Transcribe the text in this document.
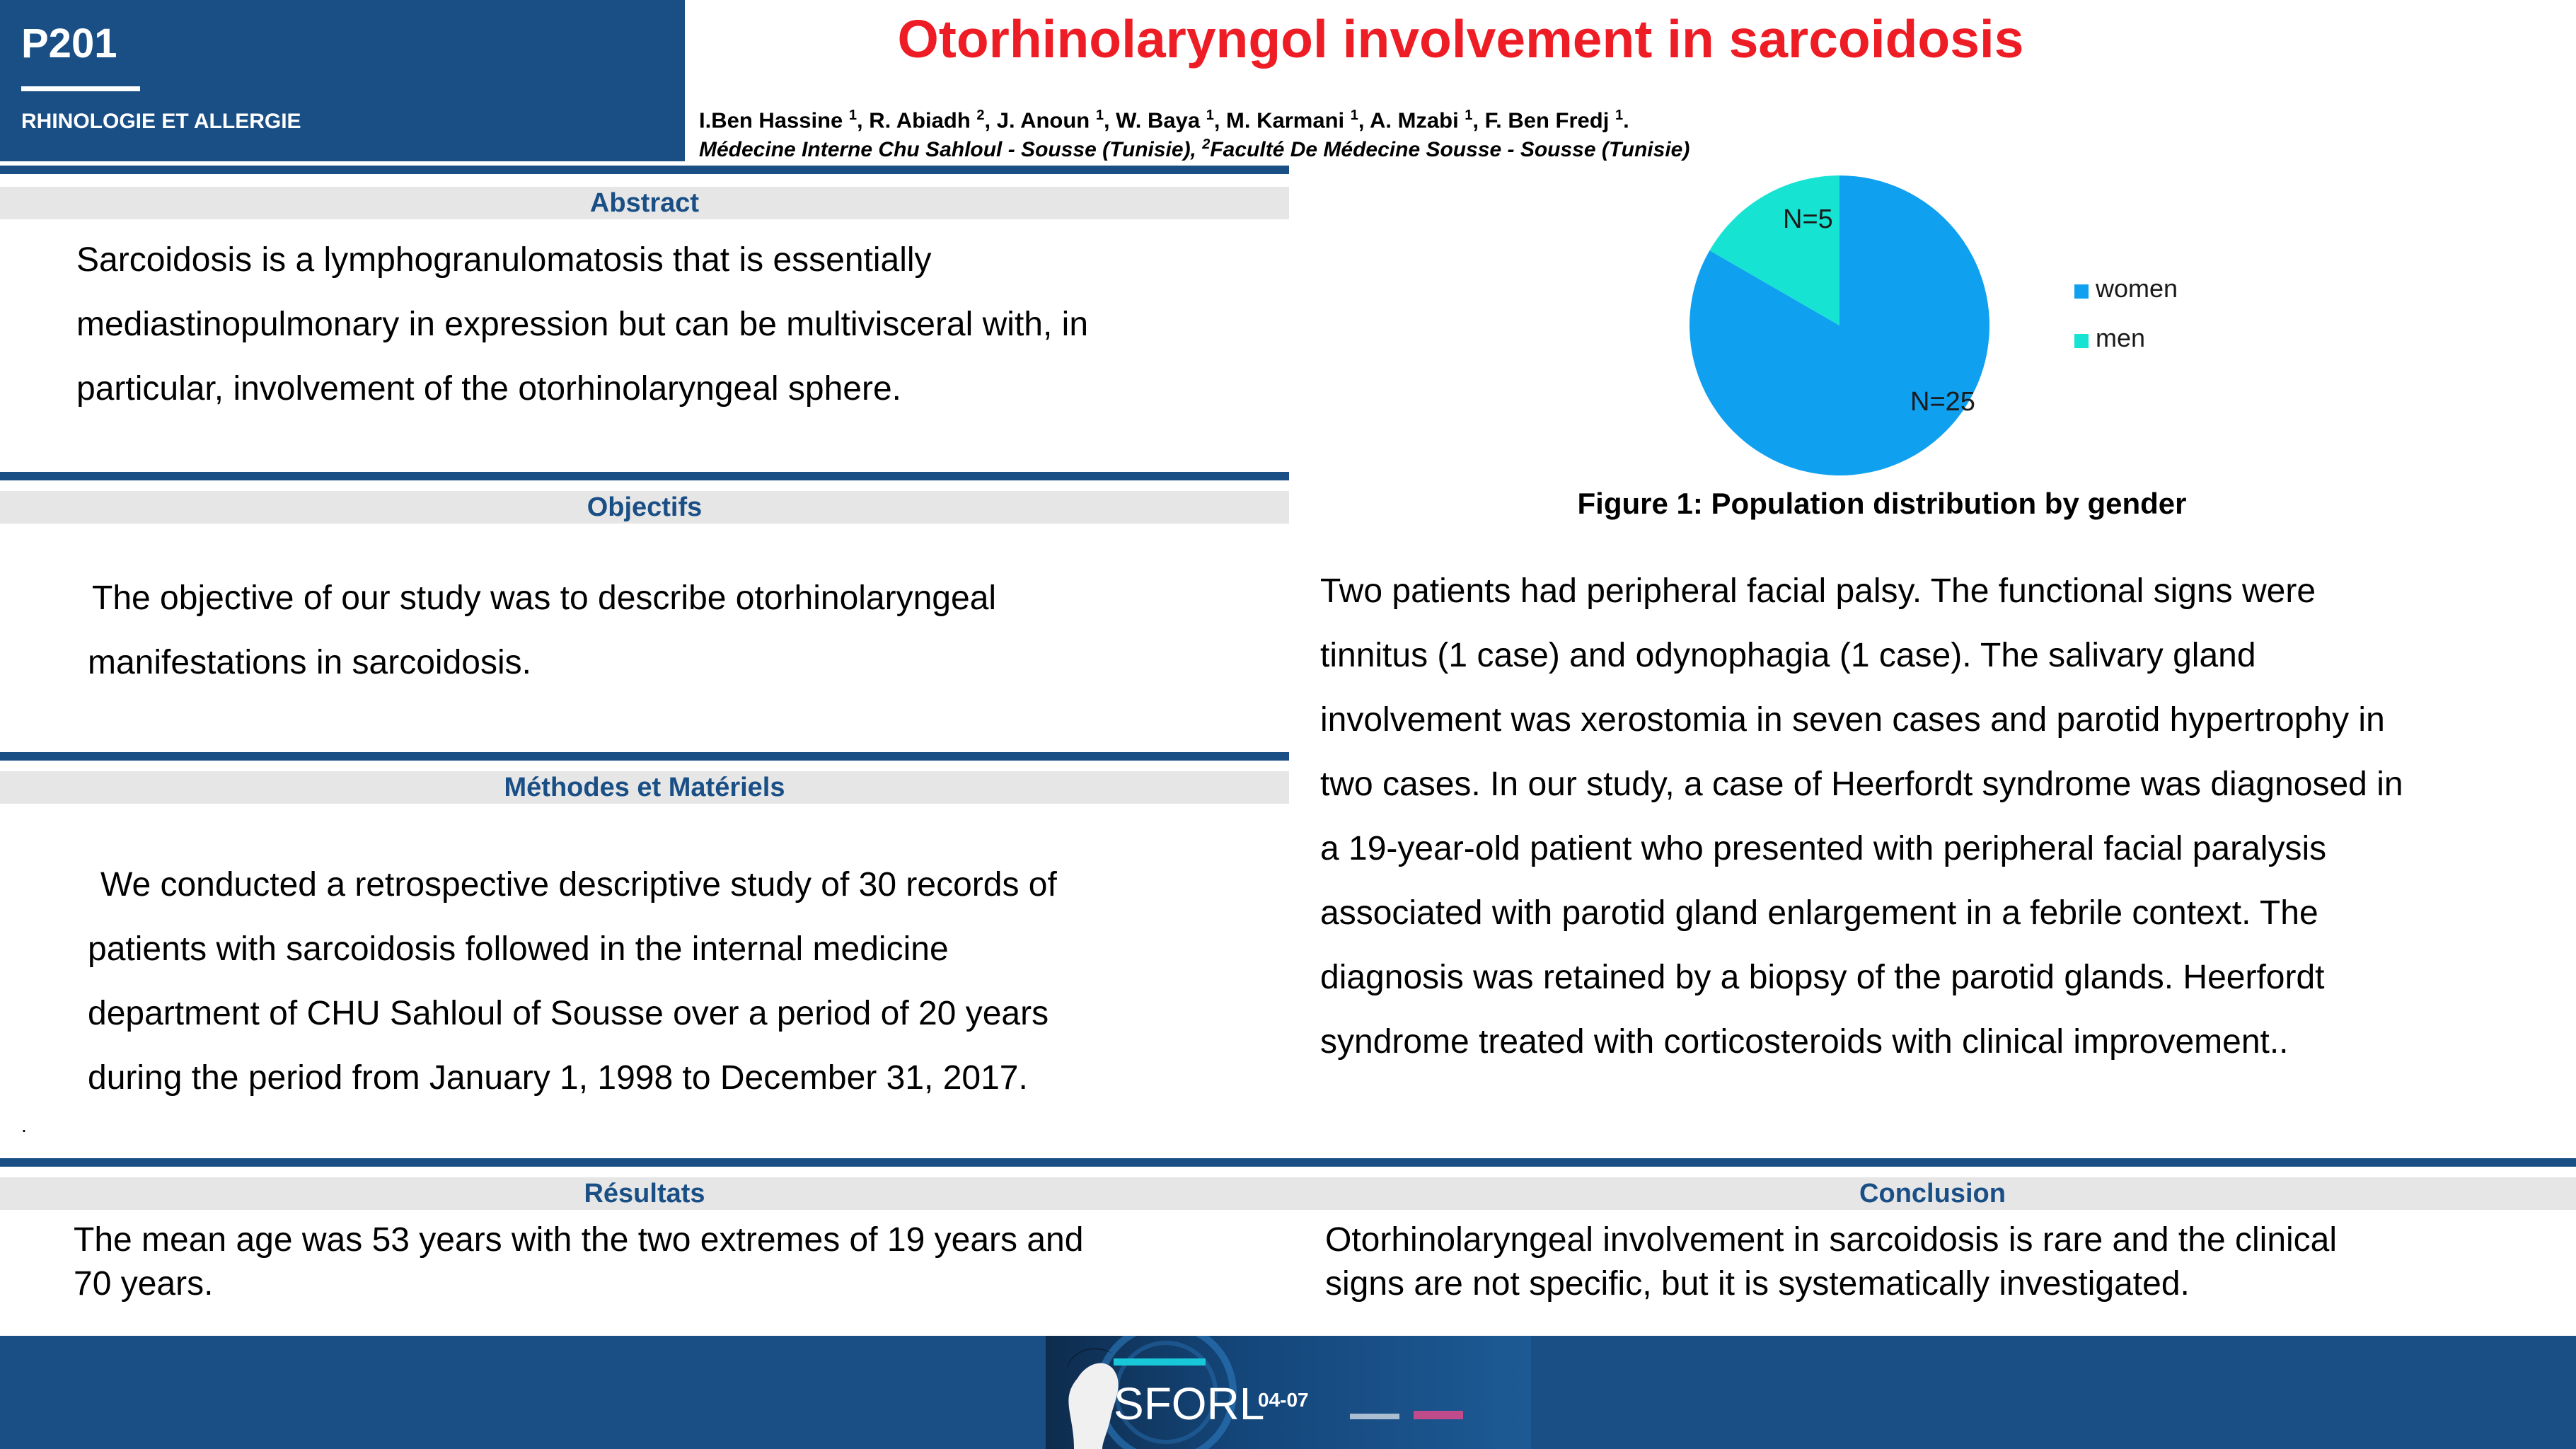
P201
RHINOLOGIE ET ALLERGIE
Otorhinolaryngol involvement in sarcoidosis
I.Ben Hassine $^1$, R. Abiadh $^2$, J. Anoun $^1$, W. Baya $^1$, M. Karmani $^1$, A. Mzabi $^1$, F. Ben Fredj $^1$.
Médecine Interne Chu Sahloul - Sousse (Tunisie), $^2$Faculté De Médecine Sousse - Sousse (Tunisie)
Abstract
Sarcoidosis is a lymphogranulomatosis that is essentially
mediastinopulmonary in expression but can be multivisceral with, in
particular, involvement of the otorhinolaryngeal sphere.
Objectifs
The objective of our study was to describe otorhinolaryngeal
manifestations in sarcoidosis.
Méthodes et Matériels
We conducted a retrospective descriptive study of 30 records of
patients with sarcoidosis followed in the internal medicine
department of CHU Sahloul of Sousse over a period of 20 years
during the period from January 1, 1998 to December 31, 2017.
.
Résultats
The mean age was 53 years with the two extremes of 19 years and
70 years.
N=25
N=5
women
men
Figure 1: Population distribution by gender
Two patients had peripheral facial palsy. The functional signs were
tinnitus (1 case) and odynophagia (1 case). The salivary gland
involvement was xerostomia in seven cases and parotid hypertrophy in
two cases. In our study, a case of Heerfordt syndrome was diagnosed in
a 19-year-old patient who presented with peripheral facial paralysis
associated with parotid gland enlargement in a febrile context. The
diagnosis was retained by a biopsy of the parotid glands. Heerfordt
syndrome treated with corticosteroids with clinical improvement..
Conclusion
Otorhinolaryngeal involvement in sarcoidosis is rare and the clinical
signs are not specific, but it is systematically investigated.
SFORL
04-07
